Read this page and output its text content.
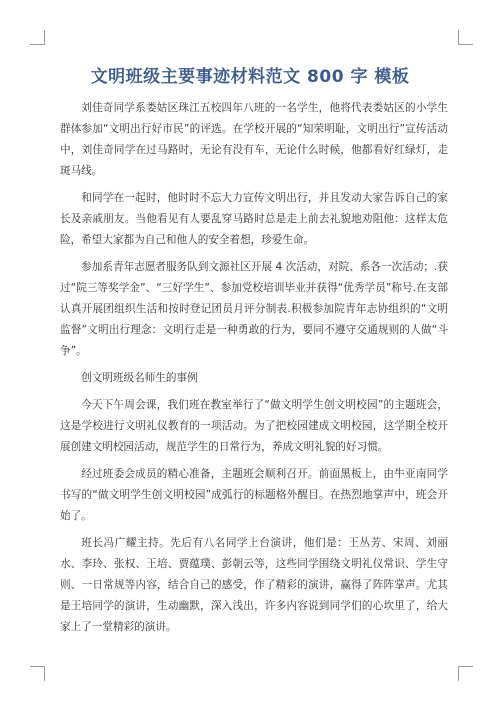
文明班级主要事迹材料范文 800 字 模板

刘佳奇同学系娄姑区珠江五校四年八班的一名学生，他将代表娄姑区的小学生群体参加“文明出行好市民”的评选。在学校开展的“知荣明耻，文明出行”宣传活动中，刘佳奇同学在过马路时，无论有没有车，无论什么时候，他都看好红绿灯，走斑马线。

和同学在一起时，他时时不忘大力宣传文明出行，并且发动大家告诉自己的家长及亲戚朋友。当他看见有人要乱穿马路时总是走上前去礼貌地劝阻他：这样太危险，希望大家都为自己和他人的安全着想，珍爱生命。

参加系青年志愿者服务队到文源社区开展 4 次活动，对院、系各一次活动；.获过“院三等奖学金”、“三好学生”、参加党校培训毕业并获得“优秀学员”称号.在支部认真开展团组织生活和按时登记团员月评分制表.积极参加院青年志协组织的“文明监督”文明出行理念：文明行走是一种勇敢的行为，要同不遵守交通规则的人做“斗争”。

创文明班级名师生的事例

今天下午周会课，我们班在教室举行了“做文明学生创文明校园”的主题班会，这是学校进行文明礼仪教育的一项活动。为了把校园建成文明校园，这学期全校开展创建文明校园活动，规范学生的日常行为，养成文明礼貌的好习惯。

经过班委会成员的精心准备，主题班会顺利召开。前面黑板上，由牛亚南同学书写的“做文明学生创文明校园”成弧行的标题格外醒目。在热烈地掌声中，班会开始了。

班长冯广耀主持。先后有八名同学上台演讲，他们是：王丛芳、宋周、刘丽水、李玲、张权、王培、贾蕴璞、彭朝云等，这些同学围绕文明礼仪常识、学生守则、一日常规等内容，结合自己的感受，作了精彩的演讲，赢得了阵阵掌声。尤其是王培同学的演讲，生动幽默，深入浅出，许多内容说到同学们的心坎里了，给大家上了一堂精彩的演讲。
